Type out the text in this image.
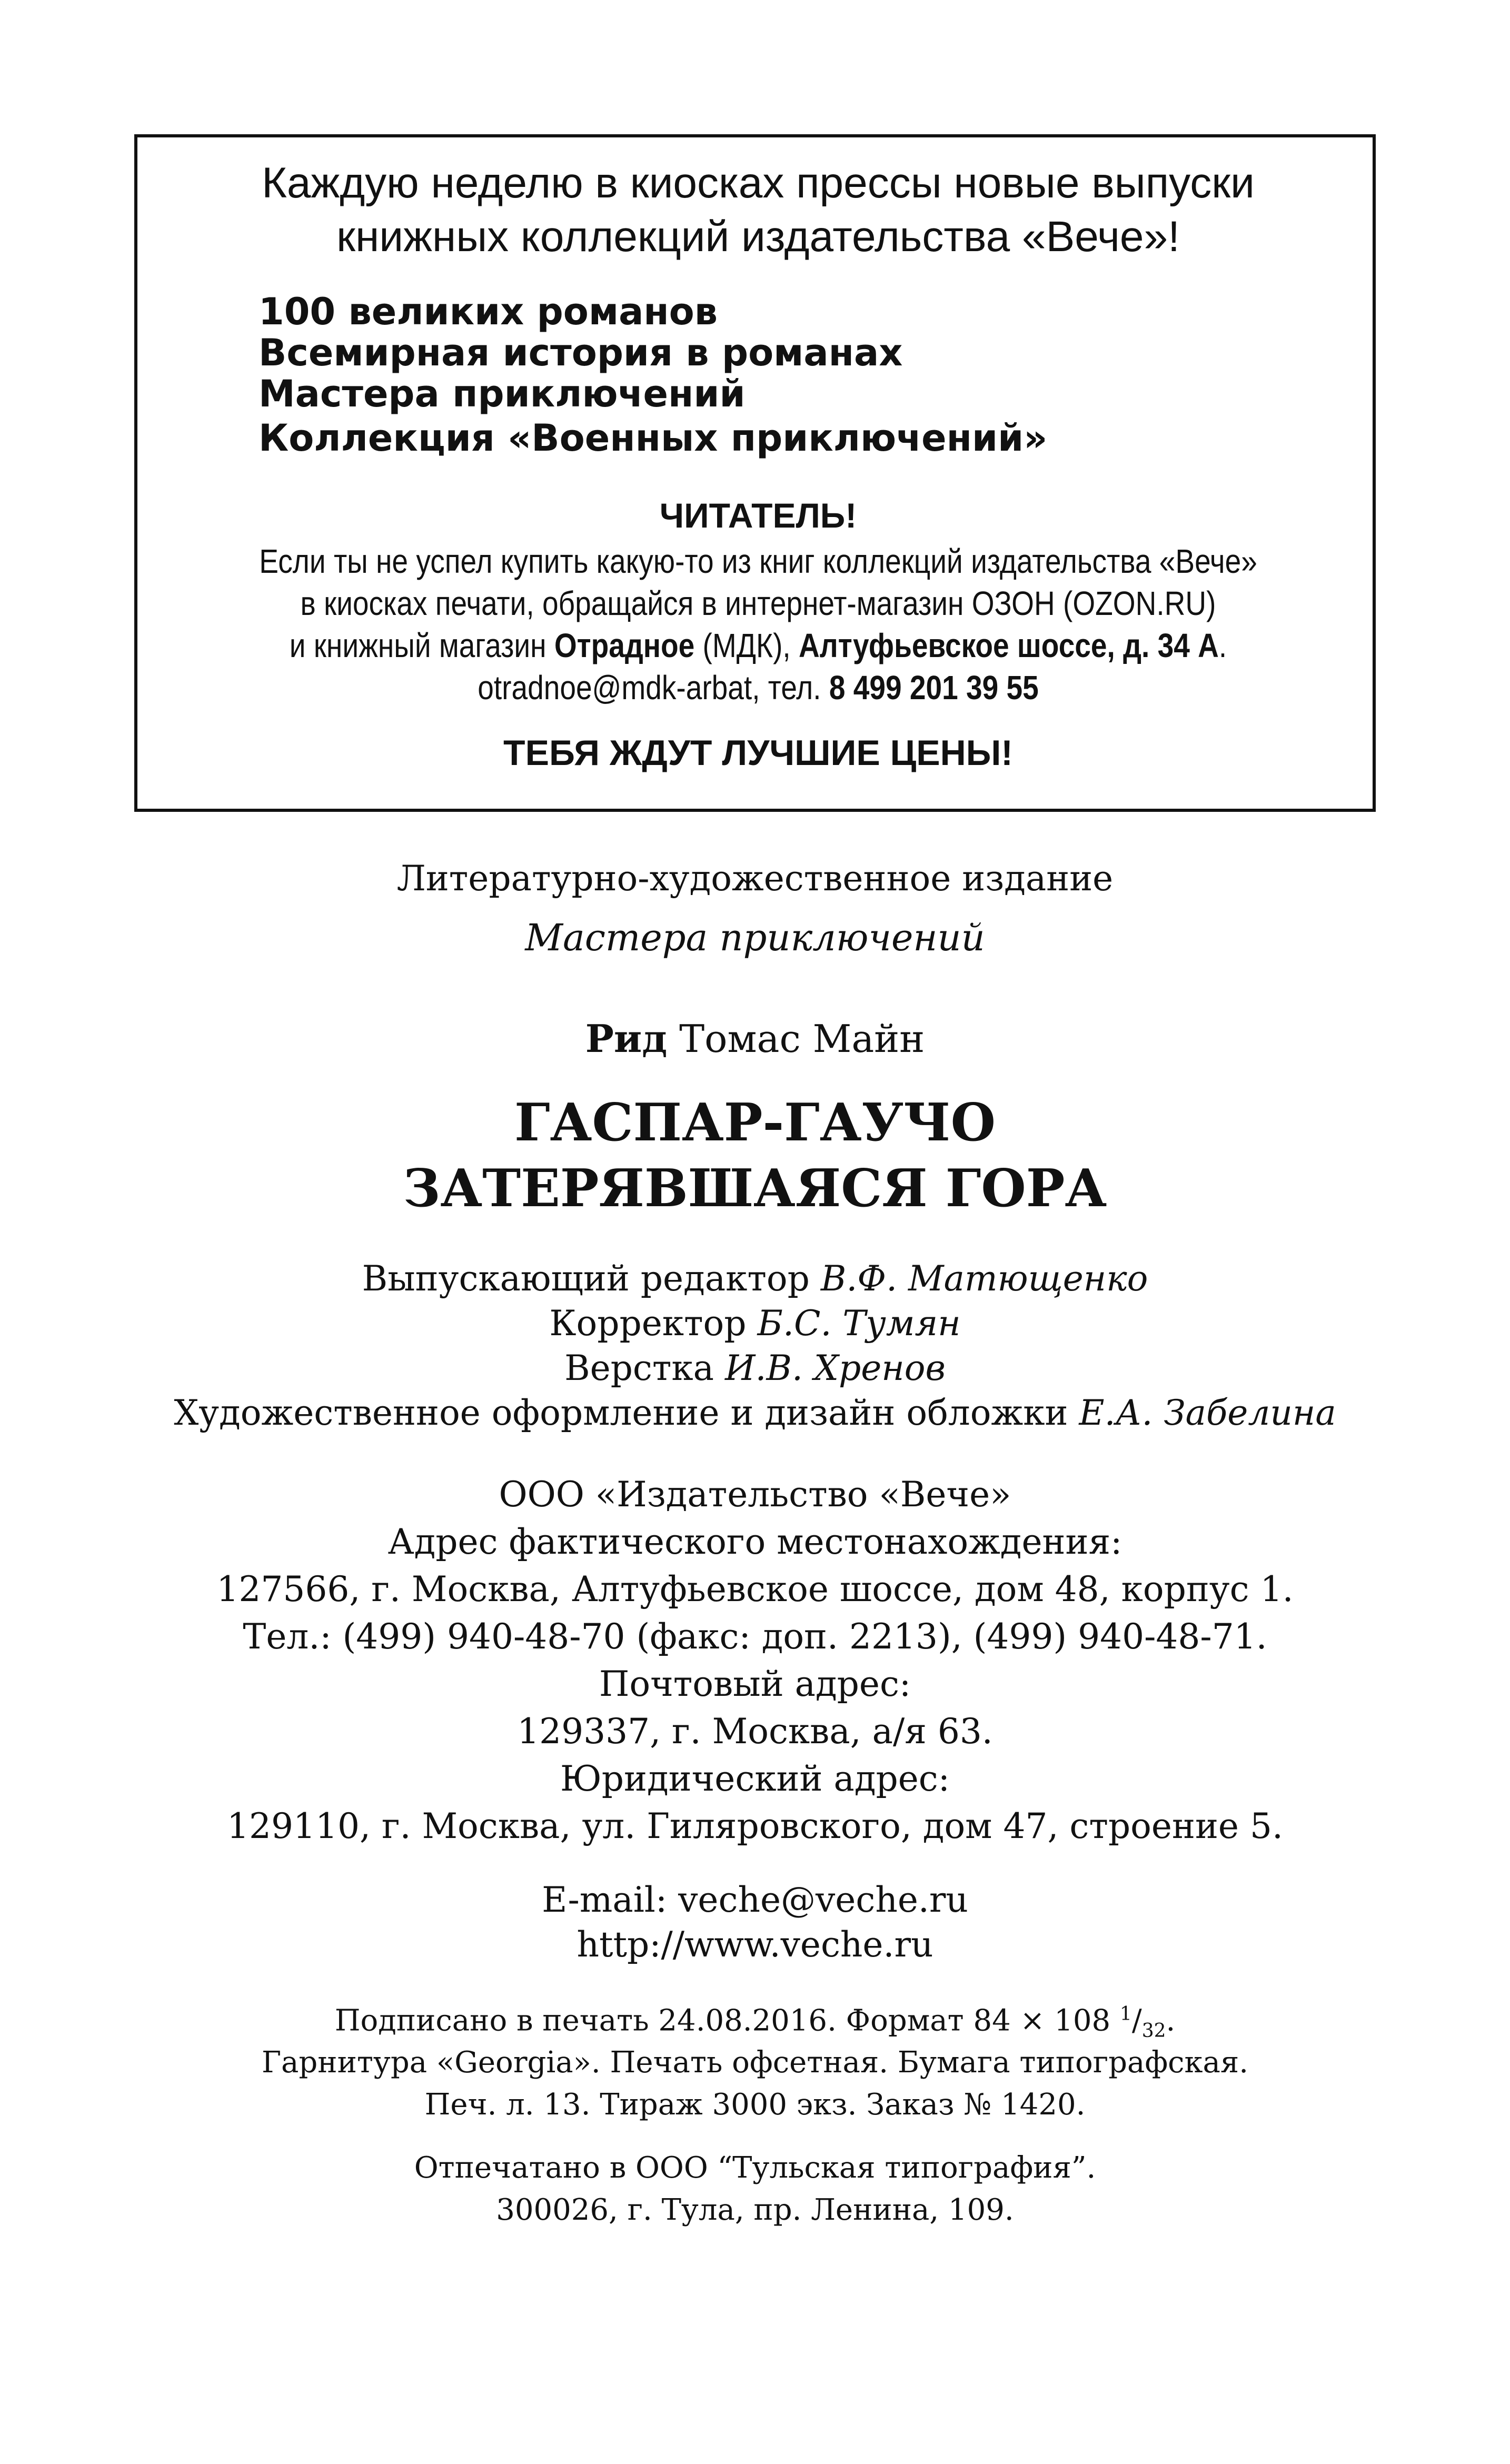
Каждую неделю в киосках прессы новые выпуски

книжных коллекций издательства «Вече»!

100 великих романов

Всемирная история в романах

Мастера приключений

Коллекция «Военных приключений»

ЧИТАТЕЛЬ!

Если ты не успел купить какую-то из книг коллекций издательства «Вече»

в киосках печати, обращайся в интернет-магазин ОЗОН (OZON.RU)

и книжный магазин Отрадное (МДК), Алтуфьевское шоссе, д. 34 А.

otradnoe@mdk-arbat, тел. 8 499 201 39 55

ТЕБЯ ЖДУТ ЛУЧШИЕ ЦЕНЫ!

Литературно-художественное издание

Мастера приключений

Рид Томас Майн

ГАСПАР-ГАУЧО

ЗАТЕРЯВШАЯСЯ ГОРА

Выпускающий редактор В.Ф. Матющенко

Корректор Б.С. Тумян

Верстка И.В. Хренов

Художественное оформление и дизайн обложки Е.А. Забелина

ООО «Издательство «Вече»

Адрес фактического местонахождения:

127566, г. Москва, Алтуфьевское шоссе, дом 48, корпус 1.

Тел.: (499) 940-48-70 (факс: доп. 2213), (499) 940-48-71.

Почтовый адрес:

129337, г. Москва, а/я 63.

Юридический адрес:

129110, г. Москва, ул. Гиляровского, дом 47, строение 5.

E-mail: veche@veche.ru

http://www.veche.ru

Подписано в печать 24.08.2016. Формат 84 × 108 $^1/_{32}$.

Гарнитура «Georgia». Печать офсетная. Бумага типографская.

Печ. л. 13. Тираж 3000 экз. Заказ № 1420.

Отпечатано в ООО “Тульская типография”.

300026, г. Тула, пр. Ленина, 109.
